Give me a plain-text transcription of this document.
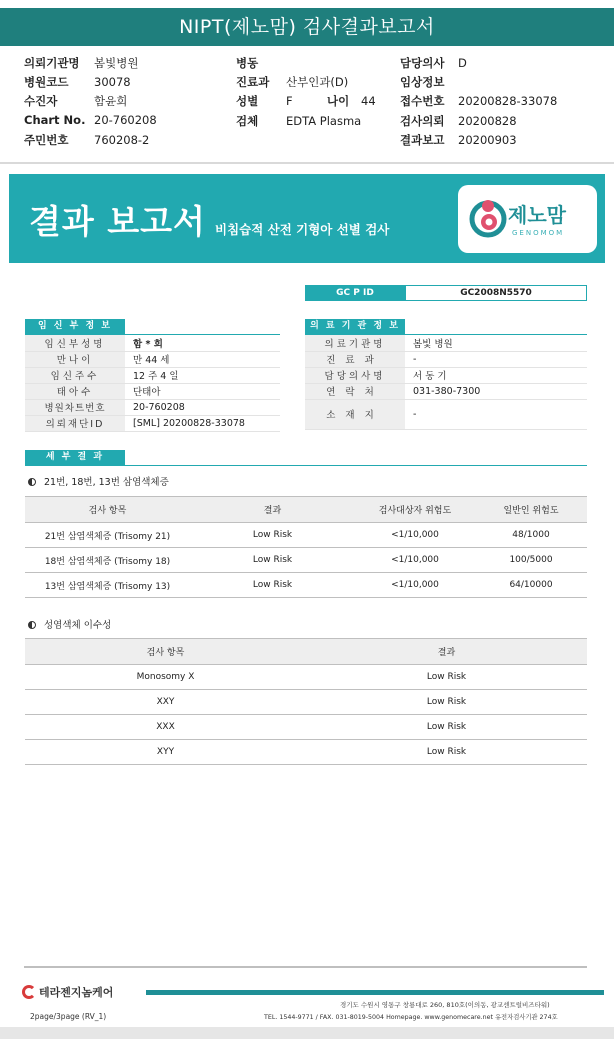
NIPT(제노맘) 검사결과보고서
의뢰기관명 봄빛병원
병원코드 30078
수진자	함윤희
Chart No. 20-760208
주민번호 760208-2
병동
진료과 산부인과(D)
성별 F	나이 44
검체 EDTA Plasma
담당의사 D
임상정보
접수번호 20200828-33078
검사의뢰 20200828
결과보고 20200903
결과 보고서 비침습적 산전 기형아 선별 검사
제노맘
GENOMOM
GC P ID	GC2008N5570
임 신 부 정 보
임신부성명	함 * 희
만나이	만 44 세
임신주수	12 주 4 일
태아수	단태아
병원차트번호	20-760208
의뢰재단ID	[SML] 20200828-33078
의 료 기 관 정 보
의료기관명	봄빛 병원
진료과	-
담당의사명	서 동 기
연락처	031-380-7300
소재지	-
세 부 결 과
21번, 18번, 13번 삼염색체증
검사 항목	결과	검사대상자 위험도	일반인 위험도
21번 삼염색체증 (Trisomy 21)	Low Risk	<1/10,000	48/1000
18번 삼염색체증 (Trisomy 18)	Low Risk	<1/10,000	100/5000
13번 삼염색체증 (Trisomy 13)	Low Risk	<1/10,000	64/10000
성염색체 이수성
검사 항목	결과
Monosomy X	Low Risk
XXY	Low Risk
XXX	Low Risk
XYY	Low Risk
테라젠지놈케어
경기도 수원시 영통구 창룡대로 260, 810호(이의동, 광교센트럴비즈타워)
TEL. 1544-9771 / FAX. 031-8019-5004 Homepage. www.genomecare.net 유전자검사기관 274호
2page/3page (RV_1)
